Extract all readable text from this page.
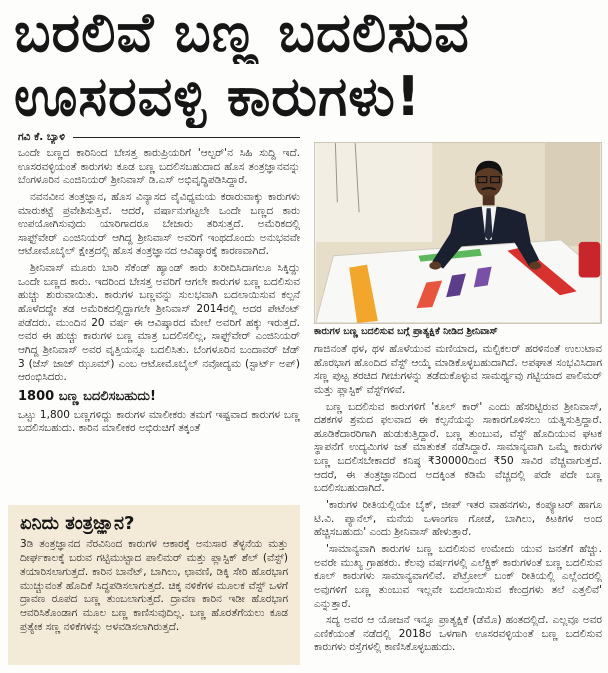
ಬರಲಿವೆ ಬಣ್ಣ ಬದಲಿಸುವ
ಊಸರವಳ್ಳಿ ಕಾರುಗಳು!
ಗವಿ ಕೆ. ಬ್ಯಾಳಿ

ಒಂದೇ ಬಣ್ಣದ ಕಾರಿನಿಂದ ಬೇಸತ್ತ ಕಾರುಪ್ರಿಯರಿಗೆ 'ಆಲ್ಟರ್‌'ನ ಸಿಹಿ ಸುದ್ದಿ ಇದೆ. ಊಸರವಳ್ಳಿಯಂತೆ ಕಾರುಗಳು ಕೂಡ ಬಣ್ಣ ಬದಲಿಸಬಹುದಾದ ಹೊಸ ತಂತ್ರಜ್ಞಾನವನ್ನು ಬೆಂಗಳೂರಿನ ಎಂಜಿನಿಯರ್ ಶ್ರೀನಿವಾಸ್ ಡಿ.ಎಸ್ ಅಭಿವೃದ್ಧಿಪಡಿಸಿದ್ದಾರೆ.

ನವನವೀನ ತಂತ್ರಜ್ಞಾನ, ಹೊಸ ವಿನ್ಯಾಸದ ವೈವಿಧ್ಯಮಯ ಕರಾರುವಾಕ್ಕು ಕಾರುಗಳು ಮಾರುಕಟ್ಟೆ ಪ್ರವೇಶಿಸುತ್ತಿವೆ. ಆದರೆ, ವರ್ಷಾನುಗಟ್ಟಲೇ ಒಂದೇ ಬಣ್ಣದ ಕಾರು ಉಪಯೋಗಿಸುವುದು ಯಾರಿಗಾದರೂ ಬೇಜಾರು ತರಿಸುತ್ತದೆ. ಅಮೆರಿಕದಲ್ಲಿ ಸಾಫ್ಟ್‌ವೇರ್ ಎಂಜಿನಿಯರ್ ಆಗಿದ್ದ ಶ್ರೀನಿವಾಸ್ ಅವರಿಗೆ ಇಂಥದೊಂದು ಅನುಭವವೇ ಆಟೋಮೊಬೈಲ್ ಕ್ಷೇತ್ರದಲ್ಲಿ ಹೊಸ ತಂತ್ರಜ್ಞಾನದ ಆವಿಷ್ಕಾರಕ್ಕೆ ಕಾರಣವಾಗಿದೆ.

ಶ್ರೀನಿವಾಸ್ ಮೂರು ಬಾರಿ ಸೆಕೆಂಡ್ ಹ್ಯಾಂಡ್ ಕಾರು ಖರೀದಿಸಿದಾಗಲೂ ಸಿಕ್ಕಿದ್ದು ಒಂದೇ ಬಣ್ಣದ ಕಾರು. ಇದರಿಂದ ಬೇಸತ್ತ ಅವರಿಗೆ ಆಗಲೇ ಕಾರುಗಳ ಬಣ್ಣ ಬದಲಿಸುವ ಹುಚ್ಚು ಶುರುವಾಯಿತು. ಕಾರುಗಳ ಬಣ್ಣವನ್ನು ಸುಲಭವಾಗಿ ಬದಲಾಯಿಸುವ ಕಲ್ಪನೆ ಹೊಳೆದದ್ದೇ ತಡ ಅಮೆರಿಕದಲ್ಲಿದ್ದಾಗಲೇ ಶ್ರೀನಿವಾಸ್ 2014ರಲ್ಲಿ ಅದರ ಪೇಟೆಂಟ್ ಪಡೆದರು. ಮುಂದಿನ 20 ವರ್ಷ ಈ ಆವಿಷ್ಕಾರದ ಮೇಲೆ ಅವರಿಗೆ ಹಕ್ಕು ಇರುತ್ತದೆ. ಅವರ ಈ ಹುಚ್ಚು ಕಾರುಗಳ ಬಣ್ಣ ಮಾತ್ರ ಬದಲಿಸಲಿಲ್ಲ, ಸಾಫ್ಟ್‌ವೇರ್ ಎಂಜಿನಿಯರ್ ಆಗಿದ್ದ ಶ್ರೀನಿವಾಸ್ ಅವರ ವೃತ್ತಿಯನ್ನೂ ಬದಲಿಸಿತು. ಬೆಂಗಳೂರಿನ ಬಂದಾವರ್ ಜೆಡ್ 3 (ಜೆಸ್ ಜಾಜ್ ಝೂಮ್) ಎಂಬ ಆಟೋಮೊಬೈಲ್ ನವೋದ್ಯಮ (ಸ್ಟಾರ್ಟ್ ಅಪ್) ಆರಂಭಿಸಿದರು.

1800 ಬಣ್ಣ ಬದಲಿಸಬಹುದು!

ಒಟ್ಟು 1,800 ಬಣ್ಣಗಳಿದ್ದು ಕಾರುಗಳ ಮಾಲೀಕರು ತಮಗೆ ಇಷ್ಟವಾದ ಕಾರುಗಳ ಬಣ್ಣ ಬದಲಿಸಬಹುದು. ಕಾರಿನ ಮಾಲೀಕರ ಅಭಿರುಚಿಗೆ ತಕ್ಕಂತೆ

ಏನಿದು ತಂತ್ರಜ್ಞಾನ?
3ಡಿ ತಂತ್ರಜ್ಞಾನದ ನೆರವಿನಿಂದ ಕಾರುಗಳ ಆಕಾರಕ್ಕೆ ಅನುಸಾರ ತೆಳ್ಳನೆಯ ಮತ್ತು ದೀರ್ಘಕಾಲಕ್ಕೆ ಬರುವ ಗಟ್ಟಿಮುಟ್ಟಾದ ಪಾಲಿಮರ್ ಮತ್ತು ಪ್ಲಾಸ್ಟಿಕ್ ಶೆಲ್ (ವೆಸ್ಟ್) ತಯಾರಿಸಲಾಗುತ್ತದೆ. ಕಾರಿನ ಬಾನೆಟ್, ಬಾಗಿಲು, ಛಾವಣಿ, ಡಿಕ್ಕಿ ಸೇರಿ ಹೊರಭಾಗ ಮುಚ್ಚುವಂತೆ ಹೊದಿಕೆ ಸಿದ್ಧಪಡಿಸಲಾಗುತ್ತದೆ. ಚಿಕ್ಕ ನಳಿಕೆಗಳ ಮೂಲಕ ವೆಸ್ಟ್ ಒಳಗೆ ದ್ರಾವಣ ರೂಪದ ಬಣ್ಣ ತುಂಬಲಾಗುತ್ತದೆ. ದ್ರಾವಣ ಕಾರಿನ ಇಡೀ ಹೊರಭಾಗ ಆವರಿಸಿಕೊಂಡಾಗ ಮೂಲ ಬಣ್ಣ ಕಾಣಿಸುವುದಿಲ್ಲ. ಬಣ್ಣ ಹೊರತೆಗೆಯಲು ಕೂಡ ಪ್ರತ್ಯೇಕ ಸಣ್ಣ ನಳಿಕೆಗಳನ್ನು ಅಳವಡಿಸಲಾಗಿರುತ್ತದೆ.
ಕಾರುಗಳ ಬಣ್ಣ ಬದಲಿಸುವ ಬಗ್ಗೆ ಪ್ರಾತ್ಯಕ್ಷಿಕೆ ನೀಡಿದ ಶ್ರೀನಿವಾಸ್

ಗಾಜಿನಂತೆ ಥಳ, ಥಳ ಹೊಳೆಯುವ ಮಣಿಯಾದ, ಮಲ್ಟಿಕಲರ್ ಹರಳಿನಂತೆ ಉಲುಟಾವ ಹೊರಭಾಗ ಹೊಂದಿದ ವೆಸ್ಟ್ ಆಯ್ಕೆ ಮಾಡಿಕೊಳ್ಳಬಹುದಾಗಿದೆ. ಅಪಘಾತ ಸಂಭವಿಸಿದಾಗ ಸಣ್ಣ ಪುಟ್ಟ ತರಚಿದ ಗೀಚುಗಳನ್ನು ತಡೆದುಕೊಳ್ಳುವ ಸಾಮರ್ಥ್ಯವು ಗಟ್ಟಿಯಾದ ಪಾಲಿಮರ್ ಮತ್ತು ಪ್ಲಾಸ್ಟಿಕ್ ವೆಸ್ಟ್‌ಗಳಿವೆ.

ಬಣ್ಣ ಬದಲಿಸುವ ಕಾರುಗಳಿಗೆ 'ಕೂಲ್ ಕಾರ್' ಎಂದು ಹೆಸರಿಟ್ಟಿರುವ ಶ್ರೀನಿವಾಸ್, ದಶಕಗಳ ಶ್ರಮದ ಫಲವಾದ ಈ ಕಲ್ಪನೆಯನ್ನು ಸಾಕಾರಗೊಳಿಸಲು ಯತ್ನಿಸುತ್ತಿದ್ದಾರೆ. ಹೂಡಿಕೆದಾರರಿಗಾಗಿ ಹುಡುಕುತ್ತಿದ್ದಾರೆ. ಬಣ್ಣ ತುಂಬುವ, ವೆಸ್ಟ್ ಹೊದಿಯುವ ಘಟಕ ಸ್ಥಾಪನೆಗೆ ಉದ್ಯಮಿಗಳ ಜತೆ ಮಾತುಕತೆ ನಡೆಸಿದ್ದಾರೆ. ಸಾಮಾನ್ಯವಾಗಿ ಒಮ್ಮೆ ಕಾರುಗಳ ಬಣ್ಣ ಬದಲಿಸಬೇಕಾದರೆ ಕನಿಷ್ಠ ₹30000ದಿಂದ ₹50 ಸಾವಿರ ವೆಚ್ಚವಾಗುತ್ತದೆ. ಆದರೆ, ಈ ತಂತ್ರಜ್ಞಾನದಿಂದ ಅದಕ್ಕಿಂತ ಕಡಿಮೆ ವೆಚ್ಚದಲ್ಲಿ ಪದೇ ಪದೇ ಬಣ್ಣ ಬದಲಿಸಬಹುದಾಗಿದೆ.

'ಕಾರುಗಳ ರೀತಿಯಲ್ಲಿಯೇ ಬೈಕ್, ಜೀಪ್ ಇತರ ವಾಹನಗಳು, ಕಂಪ್ಯೂಟರ್ ಹಾಗೂ ಟಿ.ವಿ. ಪ್ಯಾನೆಲ್, ಮನೆಯ ಒಳಾಂಗಣ ಗೋಡೆ, ಬಾಗಿಲು, ಕಿಟಕಿಗಳ ಅಂದ ಹೆಚ್ಚಿಸಬಹುದು' ಎಂದು ಶ್ರೀನಿವಾಸ್ ಹೇಳುತ್ತಾರೆ.

'ಸಾಮಾನ್ಯವಾಗಿ ಕಾರುಗಳ ಬಣ್ಣ ಬದಲಿಸುವ ಉಮೇದು ಯುವ ಜನತೆಗೆ ಹೆಚ್ಚು. ಅವರೇ ಮುಖ್ಯ ಗ್ರಾಹಕರು. ಕೆಲವು ವರ್ಷಗಳಲ್ಲಿ ಎಲೆಕ್ಟ್ರಿಕ್ ಕಾರುಗಳಂತೆ ಬಣ್ಣ ಬದಲಿಸುವ ಕೂಲ್ ಕಾರುಗಳು ಸಾಮಾನ್ಯವಾಗಲಿವೆ. ಪೆಟ್ರೋಲ್ ಬಂಕ್ ರೀತಿಯಲ್ಲಿ ಎಲ್ಲೆಂದರಲ್ಲಿ ಅವುಗಳಿಗೆ ಬಣ್ಣ ತುಂಬುವ ಇಲ್ಲವೇ ಬದಲಾಯಿಸುವ ಕೇಂದ್ರಗಳು ತಲೆ ಎತ್ತಲಿವೆ' ಎನ್ನುತ್ತಾರೆ.

ಸದ್ಯ ಅವರ ಆ ಯೋಜನೆ ಇನ್ನೂ ಪ್ರಾತ್ಯಕ್ಷಿಕೆ (ಡೆಮೊ) ಹಂತದಲ್ಲಿದೆ. ಎಲ್ಲವೂ ಅವರ ಎಣಿಕೆಯಂತೆ ನಡೆದಲ್ಲಿ 2018ರ ಒಳಗಾಗಿ ಊಸರವಳ್ಳಿಯಂತೆ ಬಣ್ಣ ಬದಲಿಸುವ ಕಾರುಗಳು ರಸ್ತೆಗಳಲ್ಲಿ ಕಾಣಿಸಿಕೊಳ್ಳಬಹುದು.
